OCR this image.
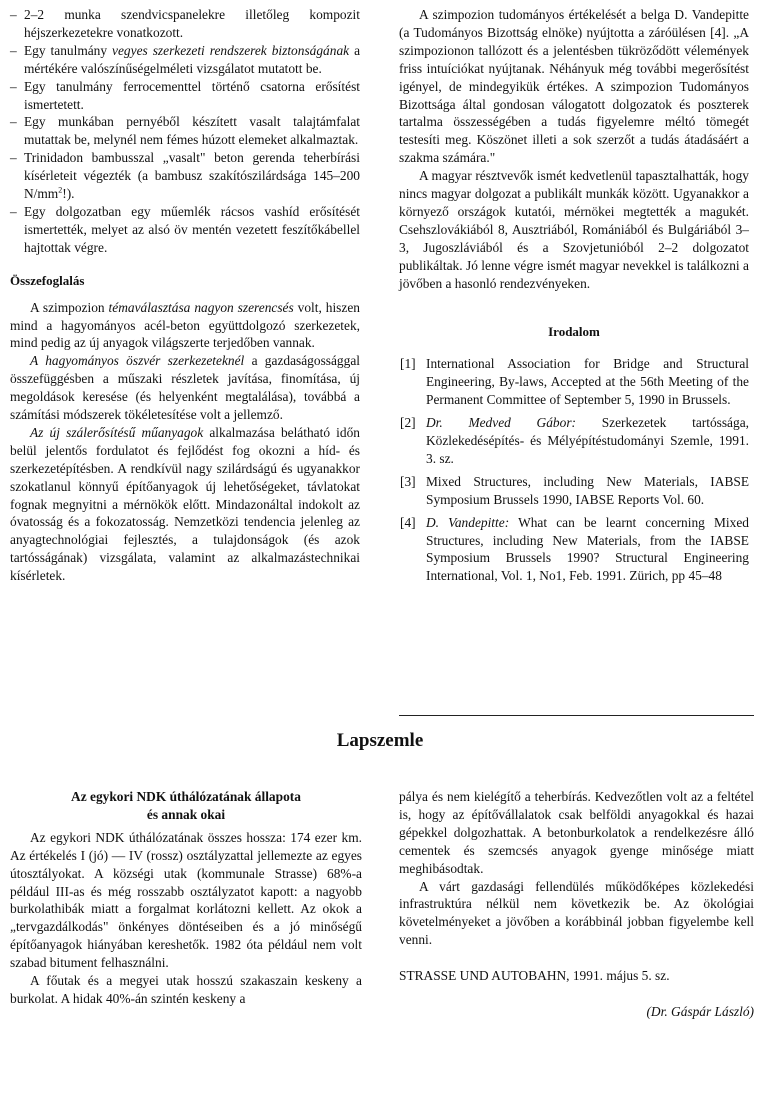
– 2–2 munka szendvicspanelekre illetőleg kompozit héjszerkezetekre vonatkozott.
– Egy tanulmány vegyes szerkezeti rendszerek biztonságának a mértékére valószínűségelméleti vizsgálatot mutatott be.
– Egy tanulmány ferrocementtel történő csatorna erősítést ismertetett.
– Egy munkában pernyéből készített vasalt talajtámfalat mutattak be, melynél nem fémes húzott elemeket alkalmaztak.
– Trinidadon bambusszal „vasalt" beton gerenda teherbírási kísérleteit végezték (a bambusz szakítószilárdsága 145–200 $N/mm^2$!).
– Egy dolgozatban egy műemlék rácsos vashíd erősítését ismertették, melyet az alsó öv mentén vezetett feszítőkábellel hajtottak végre.
Összefoglalás

A szimpozion témaválasztása nagyon szerencsés volt, hiszen mind a hagyományos acél-beton együttdolgozó szerkezetek, mind pedig az új anyagok világszerte terjedőben vannak.

A hagyományos öszvér szerkezeteknél a gazdaságossággal összefüggésben a műszaki részletek javítása, finomítása, új megoldások keresése (és helyenként megtalálása), továbbá a számítási módszerek tökéletesítése volt a jellemző.

Az új szálerősítésű műanyagok alkalmazása belátható időn belül jelentős fordulatot és fejlődést fog okozni a híd- és szerkezetépítésben. A rendkívül nagy szilárdságú és ugyanakkor szokatlanul könnyű építőanyagok új lehetőségeket, távlatokat fognak megnyitni a mérnökök előtt. Mindazonáltal indokolt az óvatosság és a fokozatosság. Nemzetközi tendencia jelenleg az anyagtechnológiai fejlesztés, a tulajdonságok (és azok tartósságának) vizsgálata, valamint az alkalmazástechnikai kísérletek.

A szimpozion tudományos értékelését a belga D. Vandepitte (a Tudományos Bizottság elnöke) nyújtotta a záróülésen [4]. „A szimpozionon tallózott és a jelentésben tükröződött vélemények friss intuíciókat nyújtanak. Néhányuk még további megerősítést igényel, de mindegyikük értékes. A szimpozion Tudományos Bizottsága által gondosan válogatott dolgozatok és poszterek tartalma összességében a tudás figyelemre méltó tömegét testesíti meg. Köszönet illeti a sok szerzőt a tudás átadásáért a szakma számára."

A magyar résztvevők ismét kedvetlenül tapasztalhatták, hogy nincs magyar dolgozat a publikált munkák között. Ugyanakkor a környező országok kutatói, mérnökei megtették a magukét. Csehszlovákiából 8, Ausztriából, Romániából és Bulgáriából 3–3, Jugoszláviából és a Szovjetunióból 2–2 dolgozatot publikáltak. Jó lenne végre ismét magyar nevekkel is találkozni a jövőben a hasonló rendezvényeken.

Irodalom
[1] International Association for Bridge and Structural Engineering, By-laws, Accepted at the 56th Meeting of the Permanent Committee of September 5, 1990 in Brussels.
[2] Dr. Medved Gábor: Szerkezetek tartóssága, Közlekedésépítés- és Mélyépítéstudományi Szemle, 1991. 3. sz.
[3] Mixed Structures, including New Materials, IABSE Symposium Brussels 1990, IABSE Reports Vol. 60.
[4] D. Vandepitte: What can be learnt concerning Mixed Structures, including New Materials, from the IABSE Symposium Brussels 1990? Structural Engineering International, Vol. 1, No1, Feb. 1991. Zürich, pp 45–48
Lapszemle
Az egykori NDK úthálózatának állapota
és annak okai

Az egykori NDK úthálózatának összes hossza: 174 ezer km. Az értékelés I (jó) — IV (rossz) osztályzattal jellemezte az egyes útosztályokat. A községi utak (kommunale Strasse) 68%-a például III-as és még rosszabb osztályzatot kapott: a nagyobb burkolathibák miatt a forgalmat korlátozni kellett. Az okok a „tervgazdálkodás" önkényes döntéseiben és a jó minőségű építőanyagok hiányában kereshetők. 1982 óta például nem volt szabad bitument felhasználni.

A főutak és a megyei utak hosszú szakaszain keskeny a burkolat. A hidak 40%-án szintén keskeny a

pálya és nem kielégítő a teherbírás. Kedvezőtlen volt az a feltétel is, hogy az építővállalatok csak belföldi anyagokkal és hazai gépekkel dolgozhattak. A betonburkolatok a rendelkezésre álló cementek és szemcsés anyagok gyenge minősége miatt meghibásodtak.

A várt gazdasági fellendülés működőképes közlekedési infrastruktúra nélkül nem következik be. Az ökológiai követelményeket a jövőben a korábbinál jobban figyelembe kell venni.

STRASSE UND AUTOBAHN, 1991. május 5. sz.

(Dr. Gáspár László)
